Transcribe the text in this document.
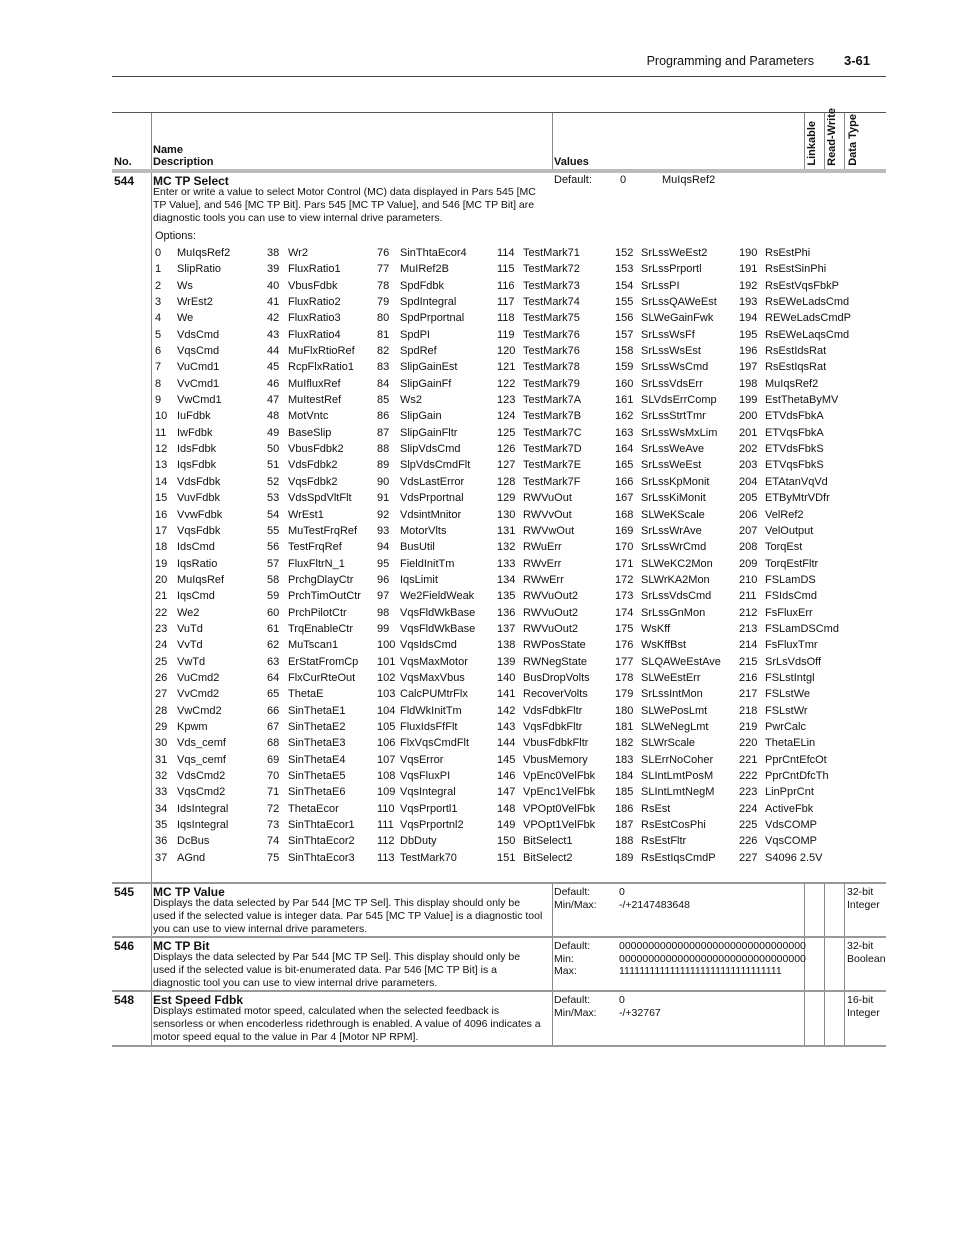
Programming and Parameters 3-61
No.
Name
Description	Values	Linkable Read-Write Data Type
544 MC TP Select
Enter or write a value to select Motor Control (MC) data displayed in Pars 545 [MC TP Value], and 546 [MC TP Bit]. Pars 545 [MC TP Value], and 546 [MC TP Bit] are diagnostic tools you can use to view internal drive parameters.
Default:	0	MuIqsRef2
Options:
0 MuIqsRef2
1 SlipRatio
2 Ws
3 WrEst2
4 We
5 VdsCmd
6 VqsCmd
7 VuCmd1
8 VvCmd1
9 VwCmd1
10 IuFdbk
11 IwFdbk
12 IdsFdbk
13 IqsFdbk
14 VdsFdbk
15 VuvFdbk
16 VvwFdbk
17 VqsFdbk
18 IdsCmd
19 IqsRatio
20 MuIqsRef
21 IqsCmd
22 We2
23 VuTd
24 VvTd
25 VwTd
26 VuCmd2
27 VvCmd2
28 VwCmd2
29 Kpwm
30 Vds_cemf
31 Vqs_cemf
32 VdsCmd2
33 VqsCmd2
34 IdsIntegral
35 IqsIntegral
36 DcBus
37 AGnd
38 Wr2
39 FluxRatio1
40 VbusFdbk
41 FluxRatio2
42 FluxRatio3
43 FluxRatio4
44 MuFlxRtioRef
45 RcpFlxRatio1
46 MuIfluxRef
47 MuItestRef
48 MotVntc
49 BaseSlip
50 VbusFdbk2
51 VdsFdbk2
52 VqsFdbk2
53 VdsSpdVltFlt
54 WrEst1
55 MuTestFrqRef
56 TestFrqRef
57 FluxFltrN_1
58 PrchgDlayCtr
59 PrchTimOutCtr
60 PrchPilotCtr
61 TrqEnableCtr
62 MuTscan1
63 ErStatFromCp
64 FlxCurRteOut
65 ThetaE
66 SinThetaE1
67 SinThetaE2
68 SinThetaE3
69 SinThetaE4
70 SinThetaE5
71 SinThetaE6
72 ThetaEcor
73 SinThtaEcor1
74 SinThtaEcor2
75 SinThtaEcor3
76 SinThtaEcor4
77 MuIRef2B
78 SpdFdbk
79 SpdIntegral
80 SpdPrportnal
81 SpdPI
82 SpdRef
83 SlipGainEst
84 SlipGainFf
85 Ws2
86 SlipGain
87 SlipGainFltr
88 SlipVdsCmd
89 SlpVdsCmdFlt
90 VdsLastError
91 VdsPrportnal
92 VdsintMnitor
93 MotorVlts
94 BusUtil
95 FieldInitTm
96 IqsLimit
97 We2FieldWeak
98 VqsFldWkBase
99 VqsFldWkBase
100 VqsIdsCmd
101 VqsMaxMotor
102 VqsMaxVbus
103 CalcPUMtrFlx
104 FldWkInitTm
105 FluxIdsFfFlt
106 FlxVqsCmdFlt
107 VqsError
108 VqsFluxPI
109 VqsIntegral
110 VqsPrportl1
111 VqsPrportnl2
112 DbDuty
113 TestMark70
114 TestMark71
115 TestMark72
116 TestMark73
117 TestMark74
118 TestMark75
119 TestMark76
120 TestMark76
121 TestMark78
122 TestMark79
123 TestMark7A
124 TestMark7B
125 TestMark7C
126 TestMark7D
127 TestMark7E
128 TestMark7F
129 RWVuOut
130 RWVvOut
131 RWVwOut
132 RWuErr
133 RWvErr
134 RWwErr
135 RWVuOut2
136 RWVuOut2
137 RWVuOut2
138 RWPosState
139 RWNegState
140 BusDropVolts
141 RecoverVolts
142 VdsFdbkFltr
143 VqsFdbkFltr
144 VbusFdbkFltr
145 VbusMemory
146 VpEnc0VelFbk
147 VpEnc1VelFbk
148 VPOpt0VelFbk
149 VPOpt1VelFbk
150 BitSelect1
151 BitSelect2
152 SrLssWeEst2
153 SrLssPrportl
154 SrLssPI
155 SrLssQAWeEst
156 SLWeGainFwk
157 SrLssWsFf
158 SrLssWsEst
159 SrLssWsCmd
160 SrLssVdsErr
161 SLVdsErrComp
162 SrLssStrtTmr
163 SrLssWsMxLim
164 SrLssWeAve
165 SrLssWeEst
166 SrLssKpMonit
167 SrLssKiMonit
168 SLWeKScale
169 SrLssWrAve
170 SrLssWrCmd
171 SLWeKC2Mon
172 SLWrKA2Mon
173 SrLssVdsCmd
174 SrLssGnMon
175 WsKff
176 WsKffBst
177 SLQAWeEstAve
178 SLWeEstErr
179 SrLssIntMon
180 SLWePosLmt
181 SLWeNegLmt
182 SLWrScale
183 SLErrNoCoher
184 SLIntLmtPosM
185 SLIntLmtNegM
186 RsEst
187 RsEstCosPhi
188 RsEstFltr
189 RsEstIqsCmdP
190 RsEstPhi
191 RsEstSinPhi
192 RsEstVqsFbkP
193 RsEWeLadsCmd
194 REWeLadsCmdP
195 RsEWeLaqsCmd
196 RsEstIdsRat
197 RsEstIqsRat
198 MuIqsRef2
199 EstThetaByMV
200 ETVdsFbkA
201 ETVqsFbkA
202 ETVdsFbkS
203 ETVqsFbkS
204 ETAtanVqVd
205 ETByMtrVDfr
206 VelRef2
207 VelOutput
208 TorqEst
209 TorqEstFltr
210 FSLamDS
211 FSIdsCmd
212 FsFluxErr
213 FSLamDSCmd
214 FsFluxTmr
215 SrLsVdsOff
216 FSLstIntgl
217 FSLstWe
218 FSLstWr
219 PwrCalc
220 ThetaELin
221 PprCntEfcOt
222 PprCntDfcTh
223 LinPprCnt
224 ActiveFbk
225 VdsCOMP
226 VqsCOMP
227 S4096 2.5V
545 MC TP Value
Displays the data selected by Par 544 [MC TP Sel]. This display should only be used if the selected value is integer data. Par 545 [MC TP Value] is a diagnostic tool you can use to view internal drive parameters.
Default:	0
Min/Max: -/+2147483648
32-bit
Integer
546 MC TP Bit
Displays the data selected by Par 544 [MC TP Sel]. This display should only be used if the selected value is bit-enumerated data. Par 546 [MC TP Bit] is a diagnostic tool you can use to view internal drive parameters.
Default:	00000000000000000000000000000000
Min:	00000000000000000000000000000000
Max:	11111111111111111111111111111111
32-bit
Boolean
548 Est Speed Fdbk
Displays estimated motor speed, calculated when the selected feedback is sensorless or when encoderless ridethrough is enabled. A value of 4096 indicates a motor speed equal to the value in Par 4 [Motor NP RPM].
Default:	0
Min/Max: -/+32767
16-bit
Integer
